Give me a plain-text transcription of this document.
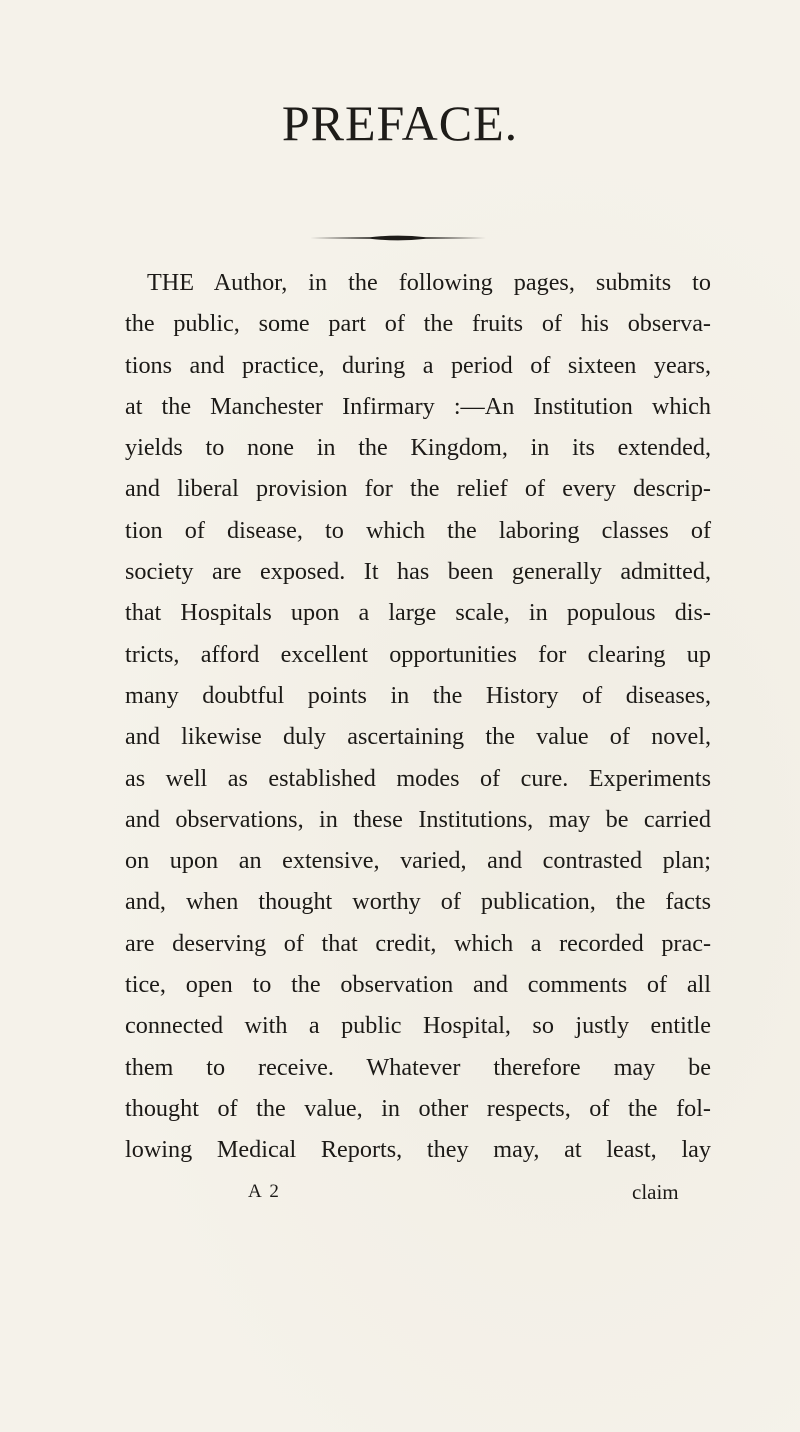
PREFACE.
THE Author, in the following pages, submits to
the public, some part of the fruits of his observa-
tions and practice, during a period of sixteen years,
at the Manchester Infirmary :—An Institution which
yields to none in the Kingdom, in its extended,
and liberal provision for the relief of every descrip-
tion of disease, to which the laboring classes of
society are exposed. It has been generally admitted,
that Hospitals upon a large scale, in populous dis-
tricts, afford excellent opportunities for clearing up
many doubtful points in the History of diseases,
and likewise duly ascertaining the value of novel,
as well as established modes of cure. Experiments
and observations, in these Institutions, may be carried
on upon an extensive, varied, and contrasted plan;
and, when thought worthy of publication, the facts
are deserving of that credit, which a recorded prac-
tice, open to the observation and comments of all
connected with a public Hospital, so justly entitle
them to receive. Whatever therefore may be
thought of the value, in other respects, of the fol-
lowing Medical Reports, they may, at least, lay
A 2	claim
